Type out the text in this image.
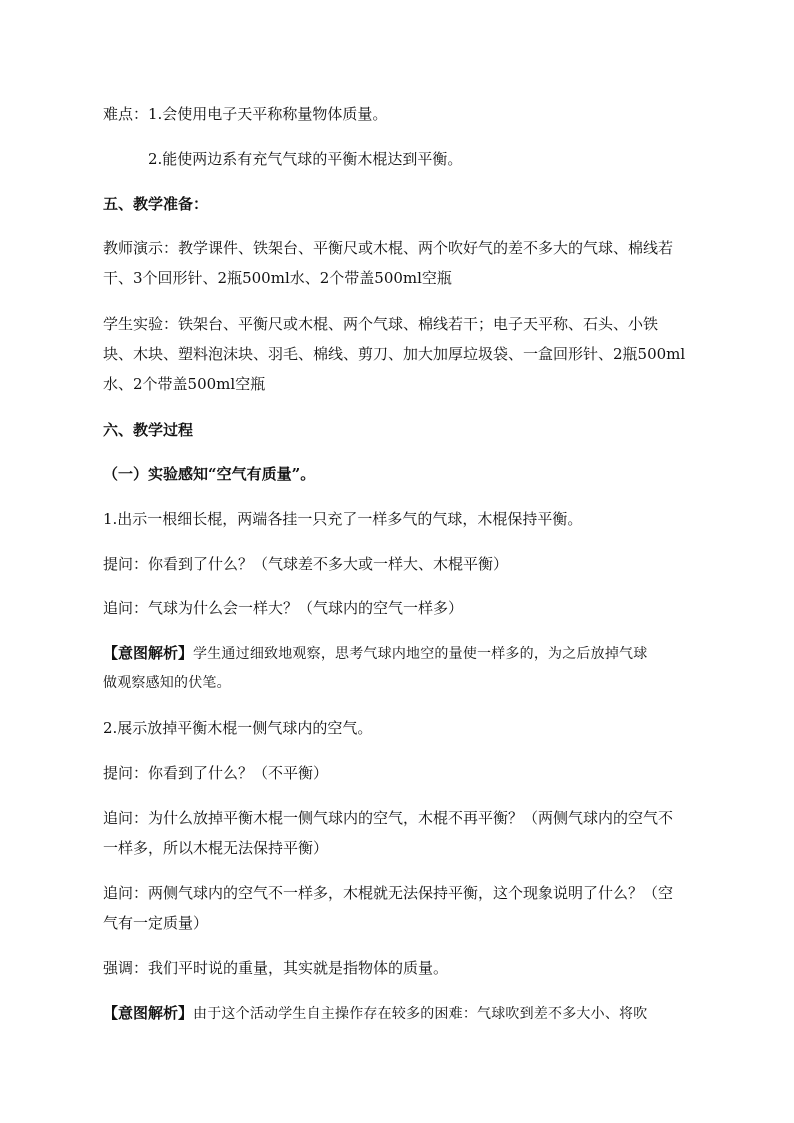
难点：1.会使用电子天平称称量物体质量。
2.能使两边系有充气气球的平衡木棍达到平衡。
五、教学准备：
教师演示：教学课件、铁架台、平衡尺或木棍、两个吹好气的差不多大的气球、棉线若
干、3个回形针、2瓶500ml水、2个带盖500ml空瓶
学生实验：铁架台、平衡尺或木棍、两个气球、棉线若干；电子天平称、石头、小铁
块、木块、塑料泡沫块、羽毛、棉线、剪刀、加大加厚垃圾袋、一盒回形针、2瓶500ml
水、2个带盖500ml空瓶
六、教学过程
（一）实验感知“空气有质量”。
1.出示一根细长棍，两端各挂一只充了一样多气的气球，木棍保持平衡。
提问：你看到了什么？（气球差不多大或一样大、木棍平衡）
追问：气球为什么会一样大？（气球内的空气一样多）
【意图解析】学生通过细致地观察，思考气球内地空的量使一样多的，为之后放掉气球
做观察感知的伏笔。
2.展示放掉平衡木棍一侧气球内的空气。
提问：你看到了什么？（不平衡）
追问：为什么放掉平衡木棍一侧气球内的空气，木棍不再平衡？（两侧气球内的空气不
一样多，所以木棍无法保持平衡）
追问：两侧气球内的空气不一样多，木棍就无法保持平衡，这个现象说明了什么？（空
气有一定质量）
强调：我们平时说的重量，其实就是指物体的质量。
【意图解析】由于这个活动学生自主操作存在较多的困难：气球吹到差不多大小、将吹
